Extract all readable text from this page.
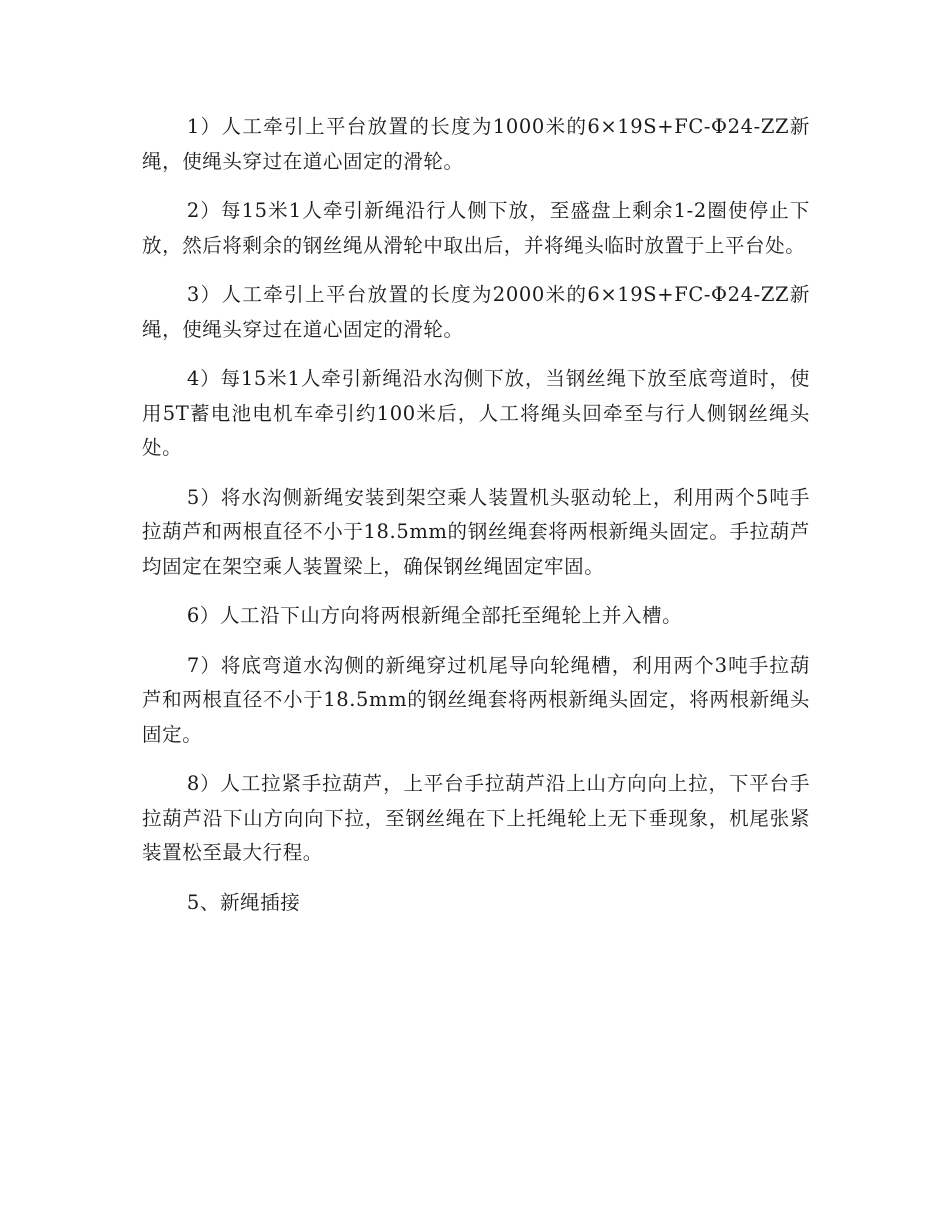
1）人工牵引上平台放置的长度为1000米的6×19S+FC-Φ24-ZZ新绳，使绳头穿过在道心固定的滑轮。

2）每15米1人牵引新绳沿行人侧下放，至盛盘上剩余1-2圈使停止下放，然后将剩余的钢丝绳从滑轮中取出后，并将绳头临时放置于上平台处。

3）人工牵引上平台放置的长度为2000米的6×19S+FC-Φ24-ZZ新绳，使绳头穿过在道心固定的滑轮。

4）每15米1人牵引新绳沿水沟侧下放，当钢丝绳下放至底弯道时，使用5T蓄电池电机车牵引约100米后，人工将绳头回牵至与行人侧钢丝绳头处。

5）将水沟侧新绳安装到架空乘人装置机头驱动轮上，利用两个5吨手拉葫芦和两根直径不小于18.5mm的钢丝绳套将两根新绳头固定。手拉葫芦均固定在架空乘人装置梁上，确保钢丝绳固定牢固。

6）人工沿下山方向将两根新绳全部托至绳轮上并入槽。

7）将底弯道水沟侧的新绳穿过机尾导向轮绳槽，利用两个3吨手拉葫芦和两根直径不小于18.5mm的钢丝绳套将两根新绳头固定，将两根新绳头固定。

8）人工拉紧手拉葫芦，上平台手拉葫芦沿上山方向向上拉，下平台手拉葫芦沿下山方向向下拉，至钢丝绳在下上托绳轮上无下垂现象，机尾张紧装置松至最大行程。

5、新绳插接
